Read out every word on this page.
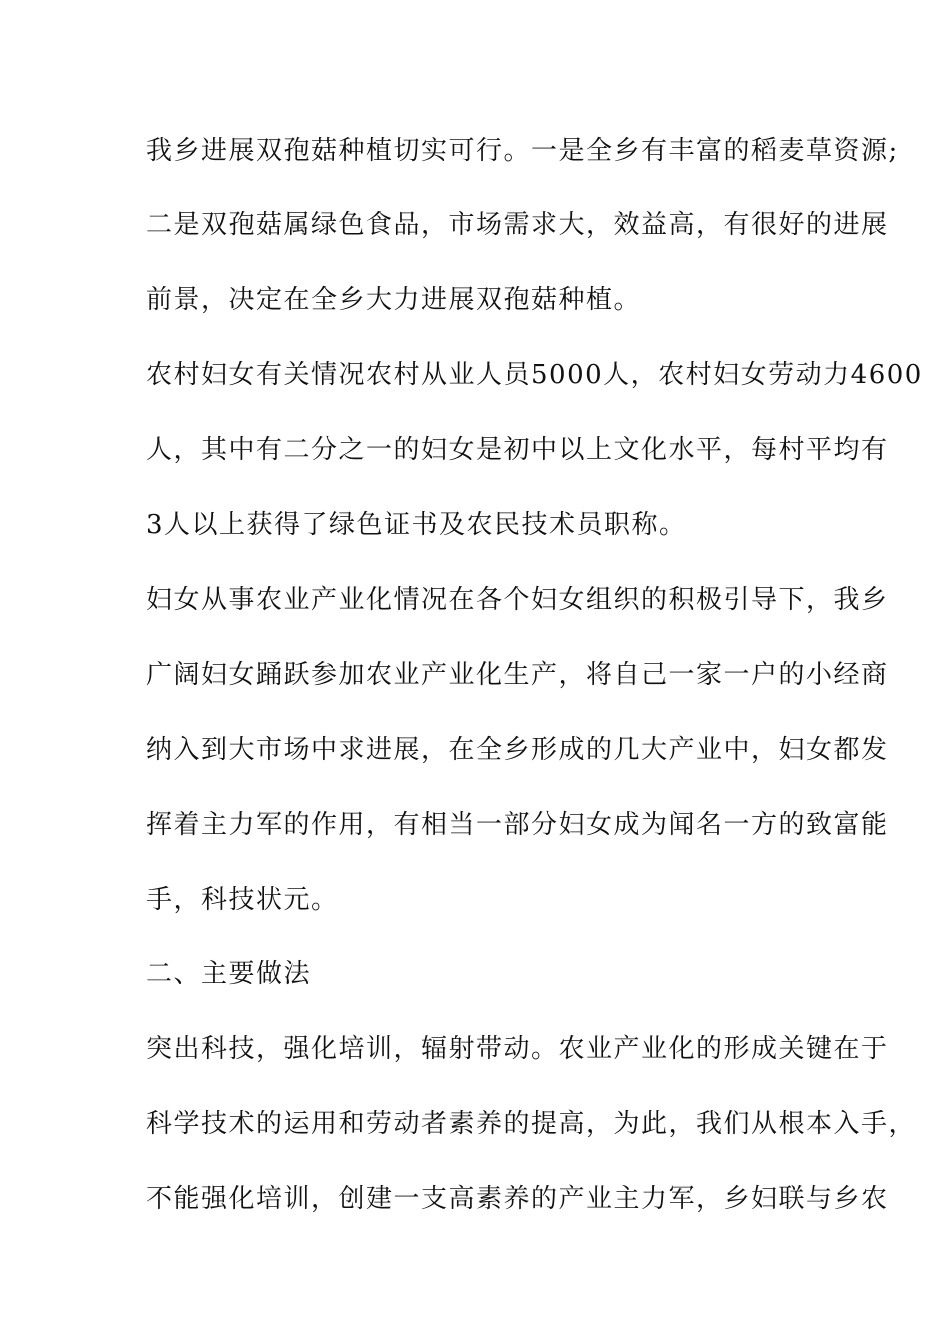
我乡进展双孢菇种植切实可行。一是全乡有丰富的稻麦草资源;
二是双孢菇属绿色食品，市场需求大，效益高，有很好的进展
前景，决定在全乡大力进展双孢菇种植。
农村妇女有关情况农村从业人员5000人，农村妇女劳动力4600
人，其中有二分之一的妇女是初中以上文化水平，每村平均有
3人以上获得了绿色证书及农民技术员职称。
妇女从事农业产业化情况在各个妇女组织的积极引导下，我乡
广阔妇女踊跃参加农业产业化生产，将自己一家一户的小经商
纳入到大市场中求进展，在全乡形成的几大产业中，妇女都发
挥着主力军的作用，有相当一部分妇女成为闻名一方的致富能
手，科技状元。
二、主要做法
突出科技，强化培训，辐射带动。农业产业化的形成关键在于
科学技术的运用和劳动者素养的提高，为此，我们从根本入手，
不能强化培训，创建一支高素养的产业主力军，乡妇联与乡农
